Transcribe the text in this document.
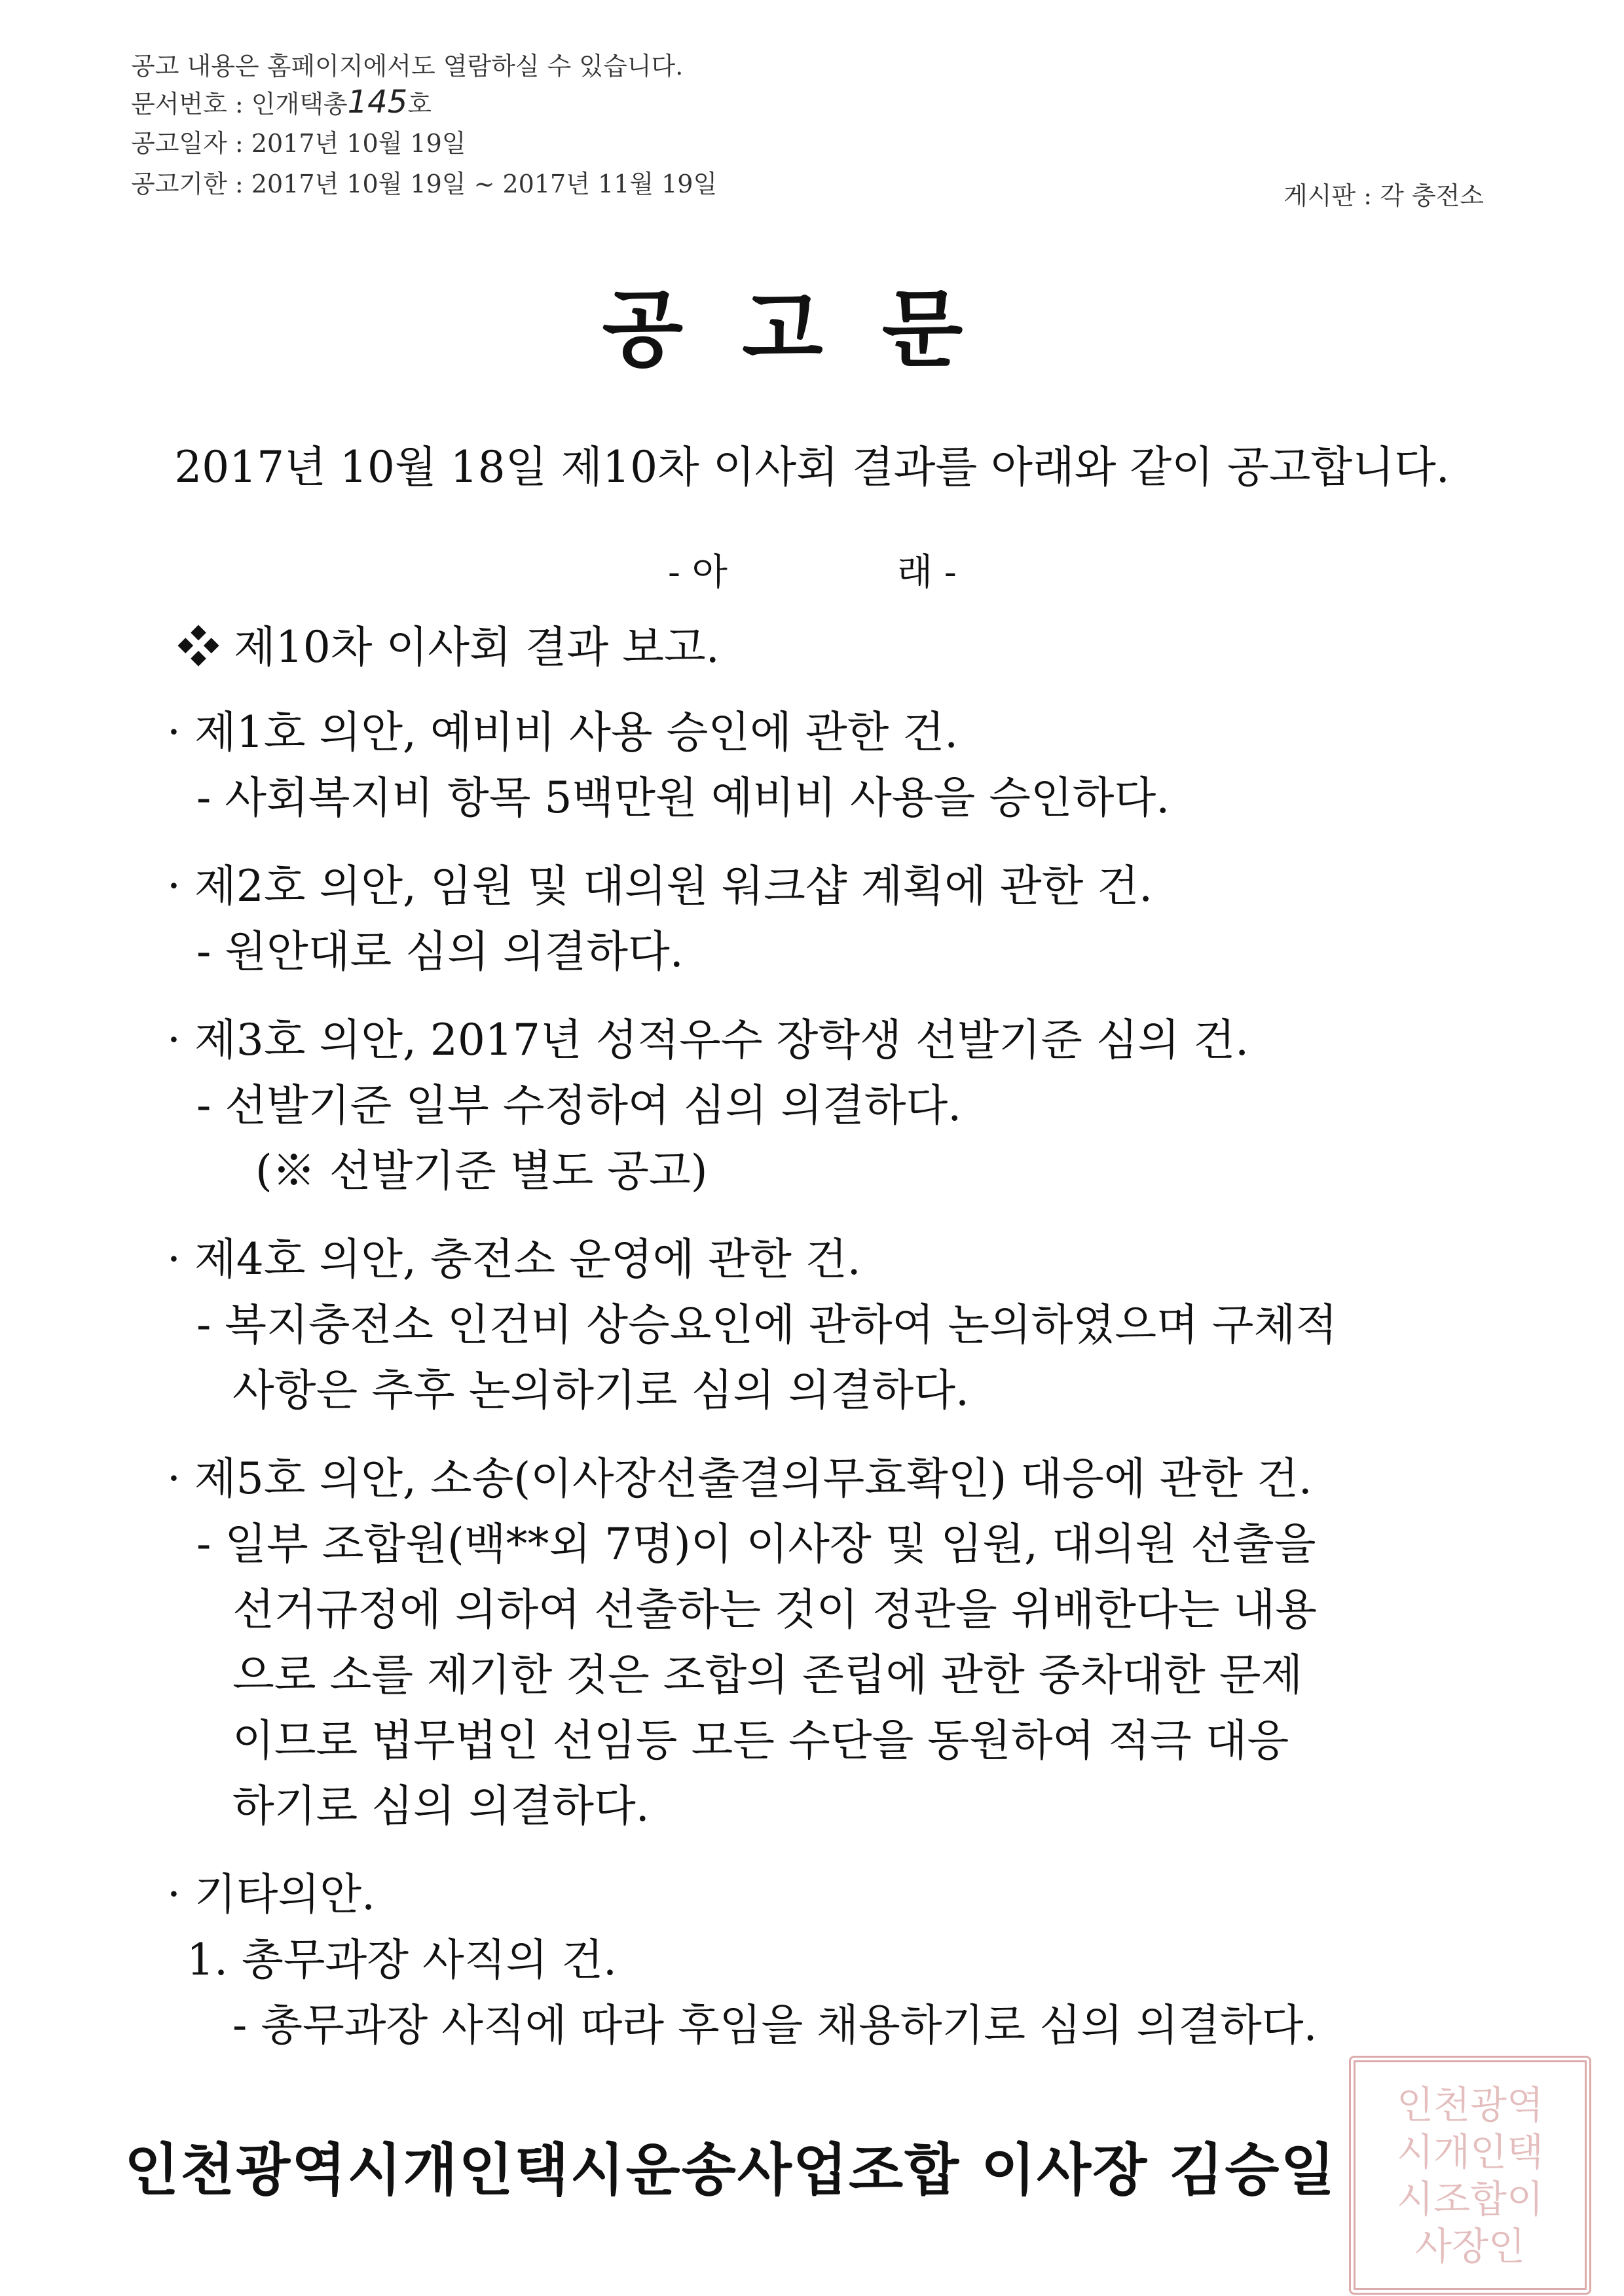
공고 내용은 홈페이지에서도 열람하실 수 있습니다.
문서번호 : 인개택총145호
공고일자 : 2017년 10월 19일
공고기한 : 2017년 10월 19일 ~ 2017년 11월 19일	게시판 : 각 충전소
공고문
2017년 10월 18일 제10차 이사회 결과를 아래와 같이 공고합니다.
- 아	래 -
❖ 제10차 이사회 결과 보고.
· 제1호 의안, 예비비 사용 승인에 관한 건.
- 사회복지비 항목 5백만원 예비비 사용을 승인하다.
· 제2호 의안, 임원 및 대의원 워크샵 계획에 관한 건.
- 원안대로 심의 의결하다.
· 제3호 의안, 2017년 성적우수 장학생 선발기준 심의 건.
- 선발기준 일부 수정하여 심의 의결하다.
(※ 선발기준 별도 공고)
· 제4호 의안, 충전소 운영에 관한 건.
- 복지충전소 인건비 상승요인에 관하여 논의하였으며 구체적
사항은 추후 논의하기로 심의 의결하다.
· 제5호 의안, 소송(이사장선출결의무효확인) 대응에 관한 건.
- 일부 조합원(백**외 7명)이 이사장 및 임원, 대의원 선출을
선거규정에 의하여 선출하는 것이 정관을 위배한다는 내용
으로 소를 제기한 것은 조합의 존립에 관한 중차대한 문제
이므로 법무법인 선임등 모든 수단을 동원하여 적극 대응
하기로 심의 의결하다.
· 기타의안.
1. 총무과장 사직의 건.
- 총무과장 사직에 따라 후임을 채용하기로 심의 의결하다.
인천광역
시개인택
시조합이
사장인
인천광역시개인택시운송사업조합 이사장 김승일
